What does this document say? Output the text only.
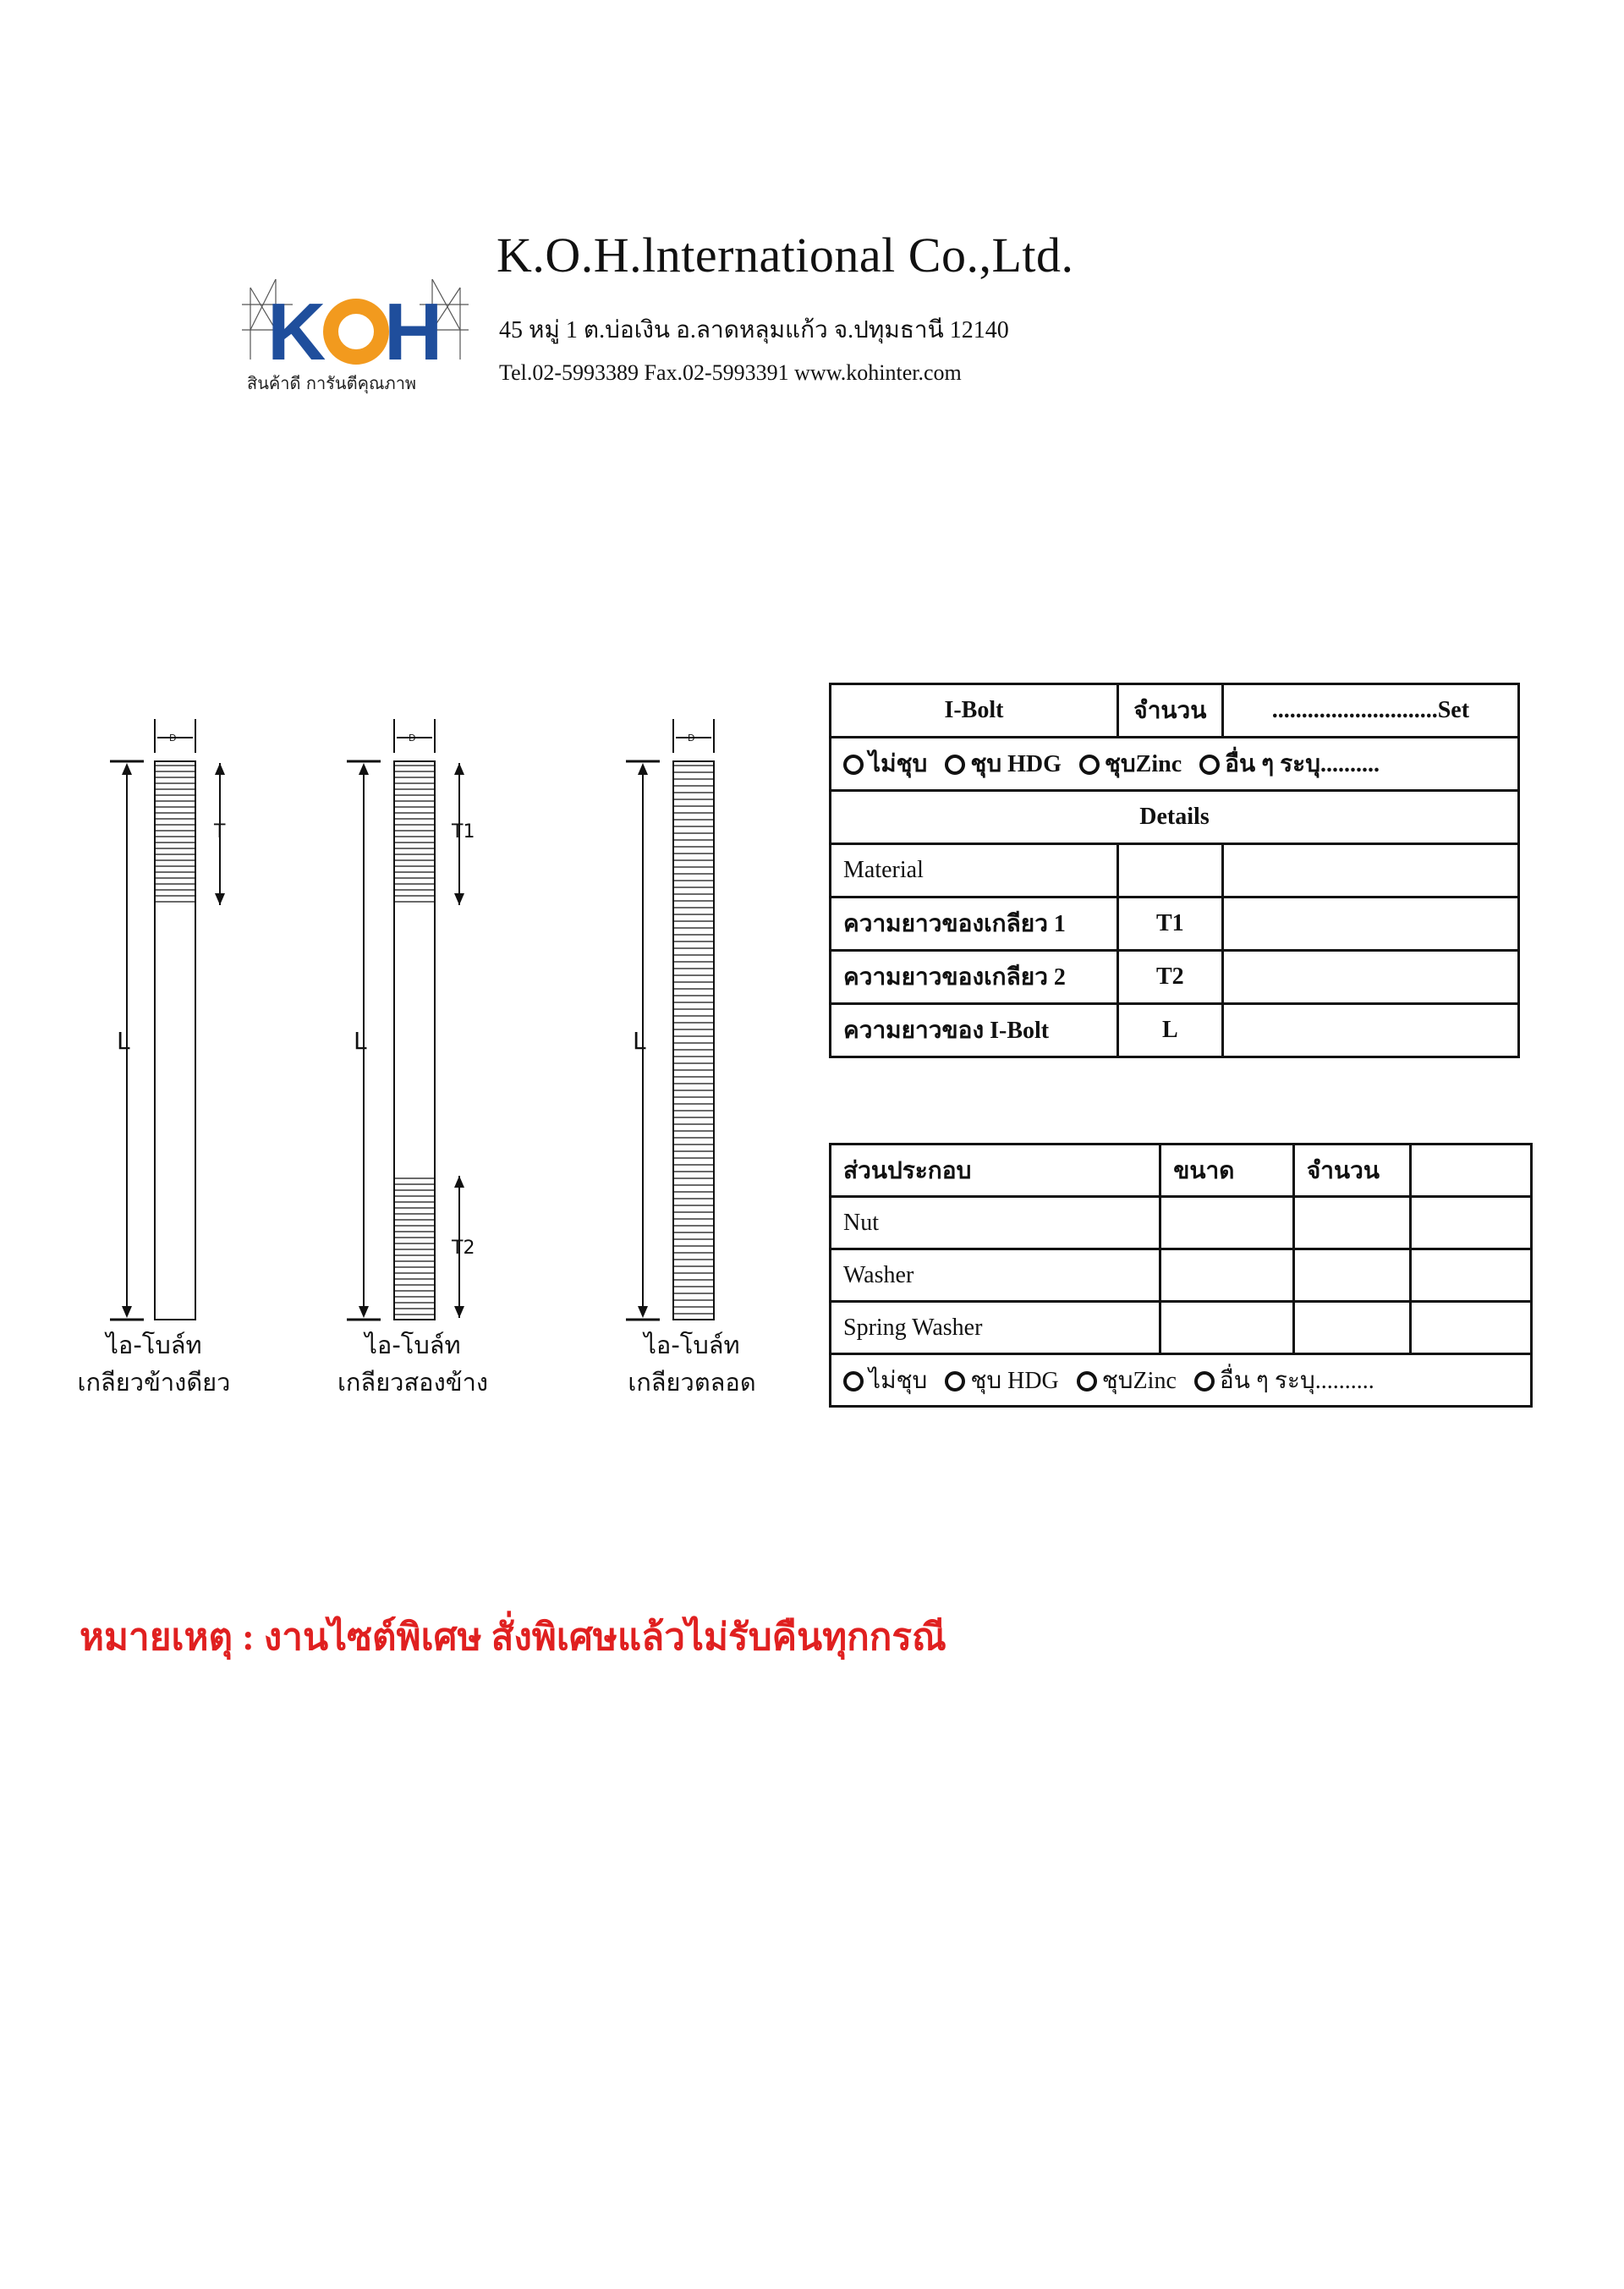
K H
สินค้าดี การันตีคุณภาพ
K.O.H.lnternational Co.,Ltd.
45 หมู่ 1 ต.บ่อเงิน อ.ลาดหลุมแก้ว จ.ปทุมธานี 12140
Tel.02-5993389 Fax.02-5993391 www.kohinter.com
D
T
L
ไอ-โบล์ท
เกลียวข้างดียว
D
T1
L
T2
ไอ-โบล์ท
เกลียวสองข้าง
D
L
ไอ-โบล์ท
เกลียวตลอด
I-Bolt	จำนวน	............................Set
ไม่ชุบ ชุบ HDG ชุบZinc อื่น ๆ ระบุ..........		
Details		
Material		
ความยาวของเกลียว 1	T1	
ความยาวของเกลียว 2	T2	
ความยาวของ I-Bolt	L	
ส่วนประกอบ	ขนาด	จำนวน	
Nut			
Washer			
Spring Washer			
ไม่ชุบ ชุบ HDG ชุบZinc อื่น ๆ ระบุ..........			
หมายเหตุ : งานไซต์พิเศษ สั่งพิเศษแล้วไม่รับคืนทุกกรณี
